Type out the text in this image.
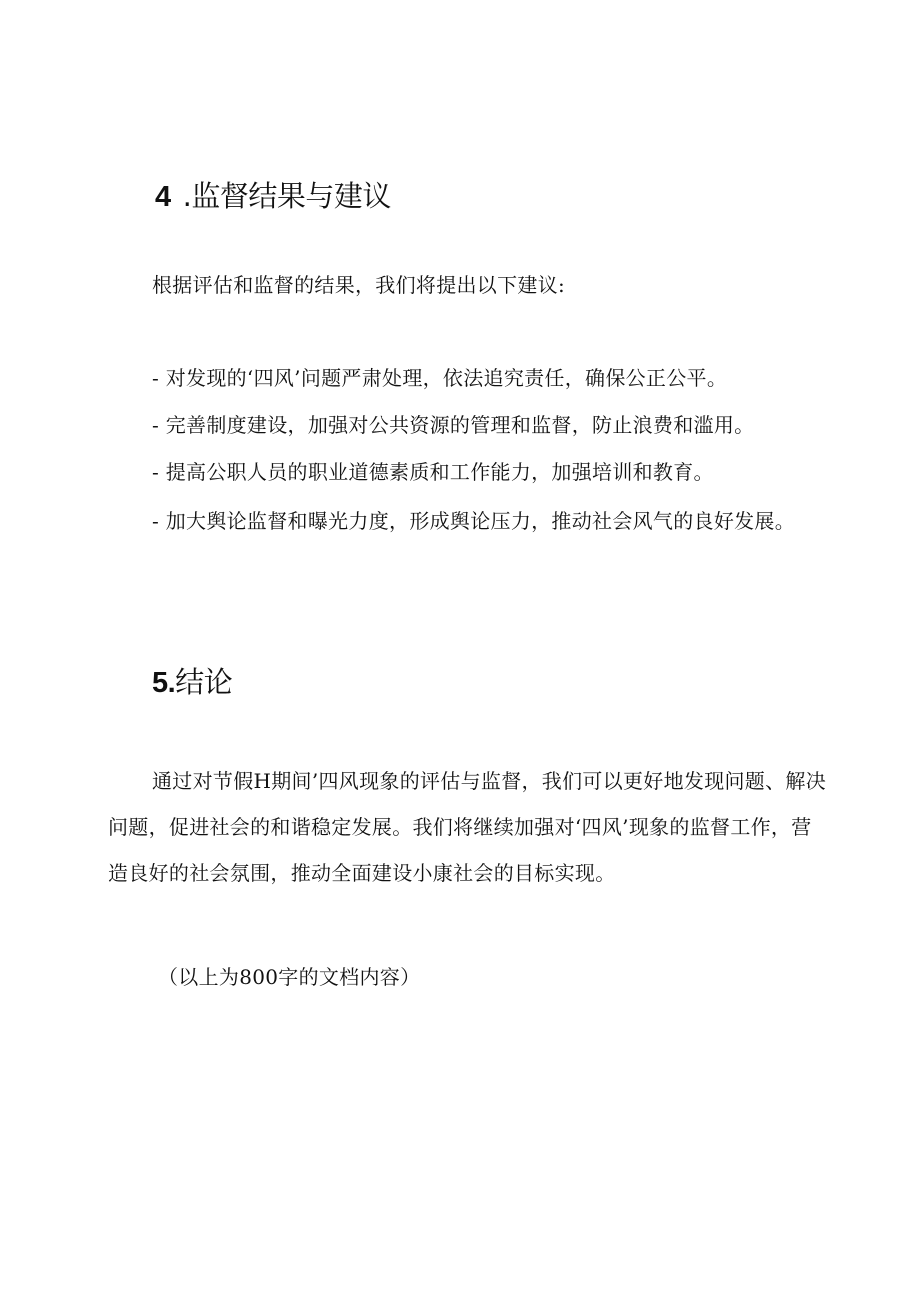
4 .监督结果与建议

根据评估和监督的结果，我们将提出以下建议:

- 对发现的‘四风’问题严肃处理，依法追究责任，确保公正公平。
- 完善制度建设，加强对公共资源的管理和监督，防止浪费和滥用。
- 提高公职人员的职业道德素质和工作能力，加强培训和教育。
- 加大舆论监督和曝光力度，形成舆论压力，推动社会风气的良好发展。
5.结论

通过对节假H期间’四风现象的评估与监督，我们可以更好地发现问题、解决问题，促进社会的和谐稳定发展。我们将继续加强对‘四风’现象的监督工作，营造良好的社会氛围，推动全面建设小康社会的目标实现。

（以上为800字的文档内容）
